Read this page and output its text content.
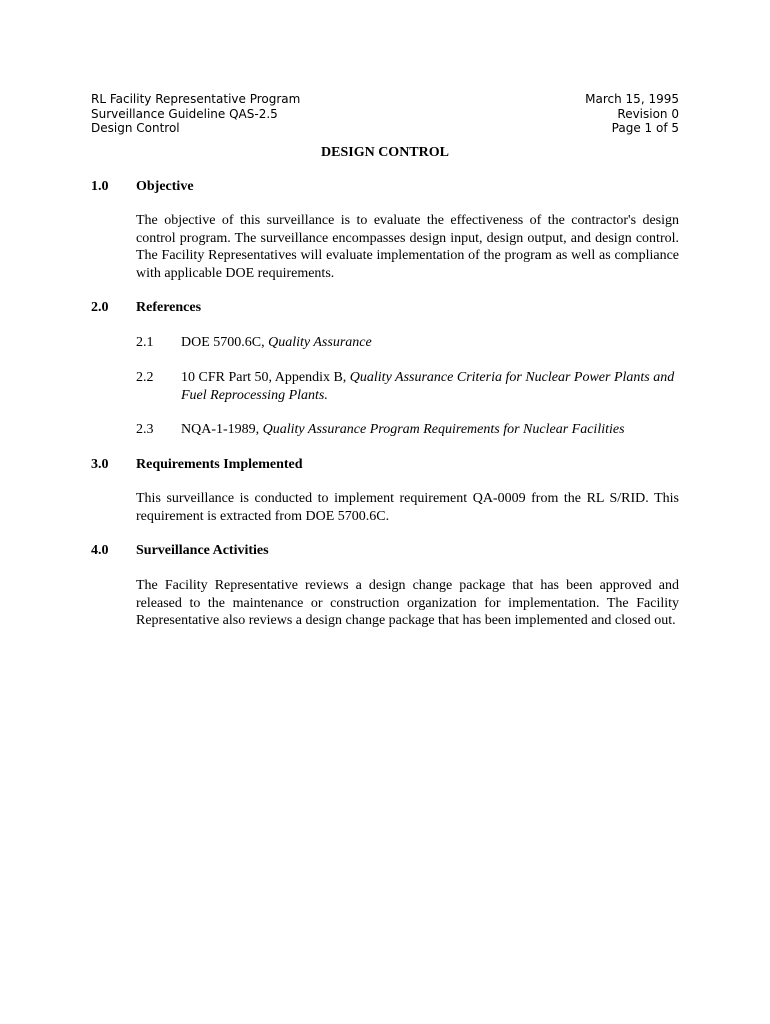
RL Facility Representative Program
Surveillance Guideline QAS-2.5
Design Control
March 15, 1995
Revision 0
Page 1 of 5
DESIGN CONTROL
1.0 Objective
The objective of this surveillance is to evaluate the effectiveness of the contractor's design control program. The surveillance encompasses design input, design output, and design control. The Facility Representatives will evaluate implementation of the program as well as compliance with applicable DOE requirements.
2.0 References
2.1 DOE 5700.6C, Quality Assurance
2.2 10 CFR Part 50, Appendix B, Quality Assurance Criteria for Nuclear Power Plants and Fuel Reprocessing Plants.
2.3 NQA-1-1989, Quality Assurance Program Requirements for Nuclear Facilities
3.0 Requirements Implemented
This surveillance is conducted to implement requirement QA-0009 from the RL S/RID. This requirement is extracted from DOE 5700.6C.
4.0 Surveillance Activities
The Facility Representative reviews a design change package that has been approved and released to the maintenance or construction organization for implementation. The Facility Representative also reviews a design change package that has been implemented and closed out.
